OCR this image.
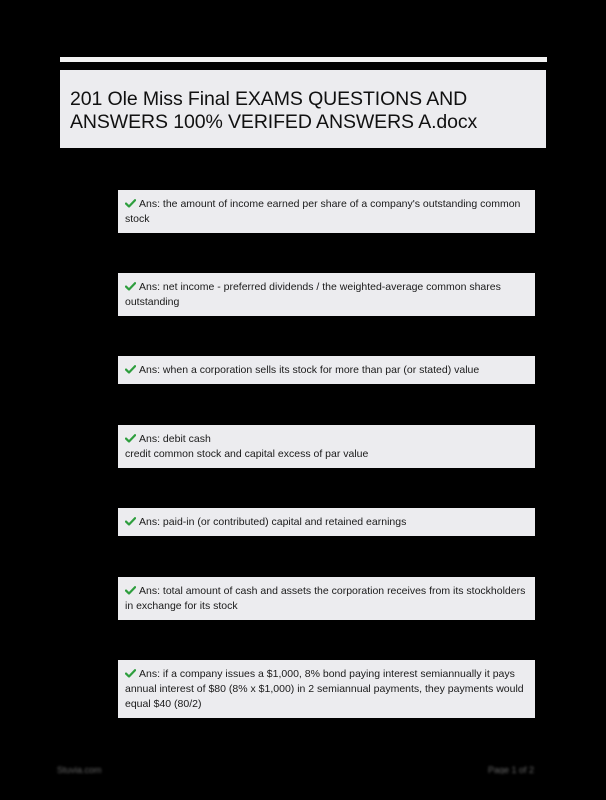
201 Ole Miss Final EXAMS QUESTIONS AND ANSWERS 100% VERIFED ANSWERS A.docx
Ans: the amount of income earned per share of a company's outstanding common stock
Ans: net income - preferred dividends / the weighted-average common shares outstanding
Ans: when a corporation sells its stock for more than par (or stated) value
Ans: debit cash
credit common stock and capital excess of par value
Ans: paid-in (or contributed) capital and retained earnings
Ans: total amount of cash and assets the corporation receives from its stockholders in exchange for its stock
Ans: if a company issues a $1,000, 8% bond paying interest semiannually it pays annual interest of $80 (8% x $1,000) in 2 semiannual payments, they payments would equal $40 (80/2)
Stuvia.com	Page 1 of 2
